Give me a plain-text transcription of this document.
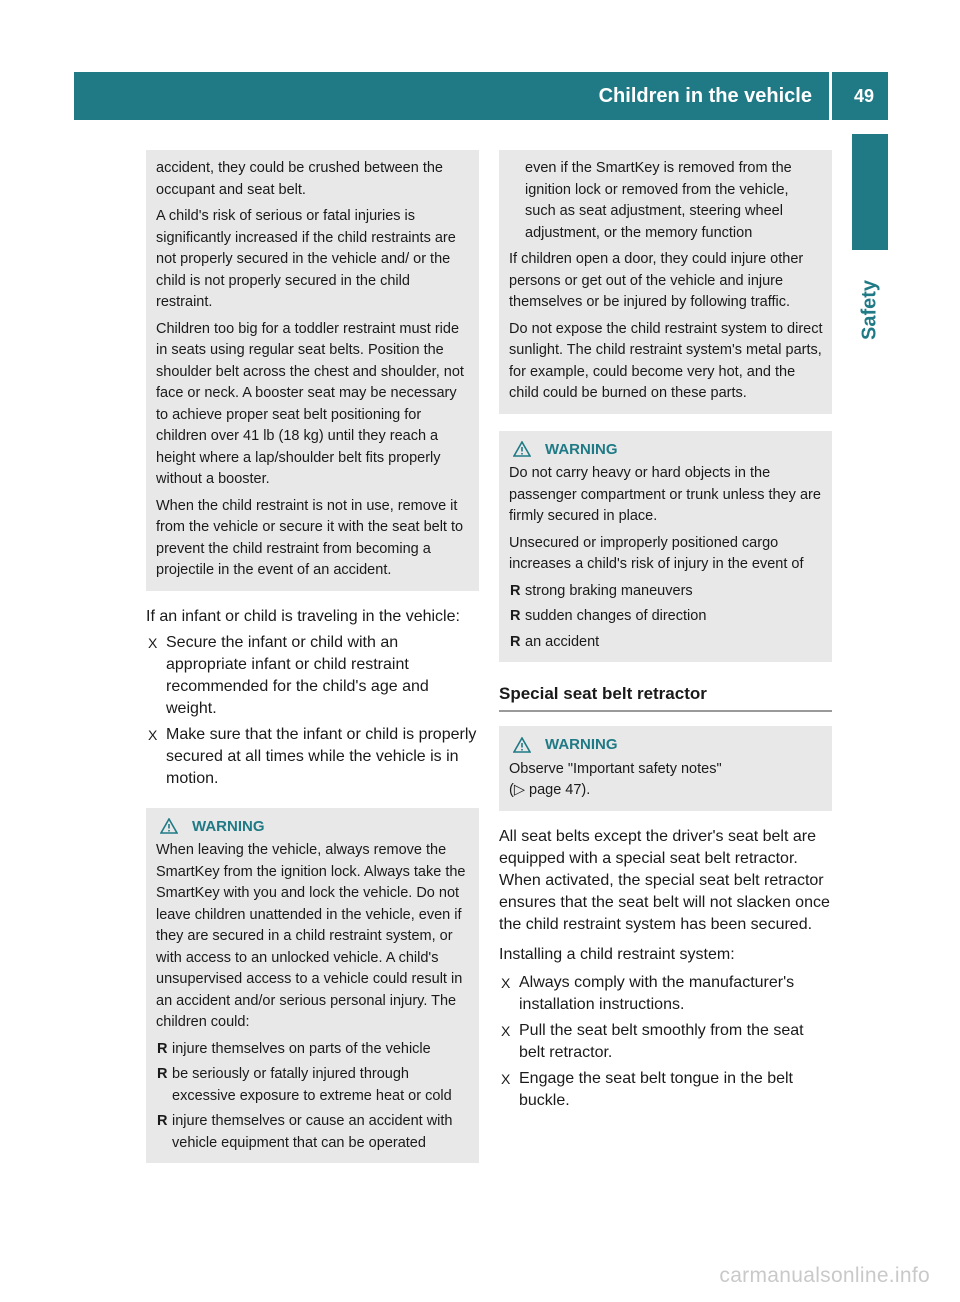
Children in the vehicle	49
Safety

accident, they could be crushed between the occupant and seat belt.

A child's risk of serious or fatal injuries is significantly increased if the child restraints are not properly secured in the vehicle and/ or the child is not properly secured in the child restraint.

Children too big for a toddler restraint must ride in seats using regular seat belts. Position the shoulder belt across the chest and shoulder, not face or neck. A booster seat may be necessary to achieve proper seat belt positioning for children over 41 lb (18 kg) until they reach a height where a lap/shoulder belt fits properly without a booster.

When the child restraint is not in use, remove it from the vehicle or secure it with the seat belt to prevent the child restraint from becoming a projectile in the event of an accident.

If an infant or child is traveling in the vehicle:

X Secure the infant or child with an appropriate infant or child restraint recommended for the child's age and weight.
X Make sure that the infant or child is properly secured at all times while the vehicle is in motion.
WARNING

When leaving the vehicle, always remove the SmartKey from the ignition lock. Always take the SmartKey with you and lock the vehicle. Do not leave children unattended in the vehicle, even if they are secured in a child restraint system, or with access to an unlocked vehicle. A child's unsupervised access to a vehicle could result in an accident and/or serious personal injury. The children could:

R injure themselves on parts of the vehicle
R be seriously or fatally injured through excessive exposure to extreme heat or cold
R injure themselves or cause an accident with vehicle equipment that can be operated
even if the SmartKey is removed from the ignition lock or removed from the vehicle, such as seat adjustment, steering wheel adjustment, or the memory function

If children open a door, they could injure other persons or get out of the vehicle and injure themselves or be injured by following traffic.

Do not expose the child restraint system to direct sunlight. The child restraint system's metal parts, for example, could become very hot, and the child could be burned on these parts.

WARNING

Do not carry heavy or hard objects in the passenger compartment or trunk unless they are firmly secured in place.

Unsecured or improperly positioned cargo increases a child's risk of injury in the event of

R strong braking maneuvers
R sudden changes of direction
R an accident
Special seat belt retractor
WARNING
Observe "Important safety notes"
(▷ page 47).

All seat belts except the driver's seat belt are equipped with a special seat belt retractor. When activated, the special seat belt retractor ensures that the seat belt will not slacken once the child restraint system has been secured.

Installing a child restraint system:

X Always comply with the manufacturer's installation instructions.
X Pull the seat belt smoothly from the seat belt retractor.
X Engage the seat belt tongue in the belt buckle.
carmanualsonline.info
